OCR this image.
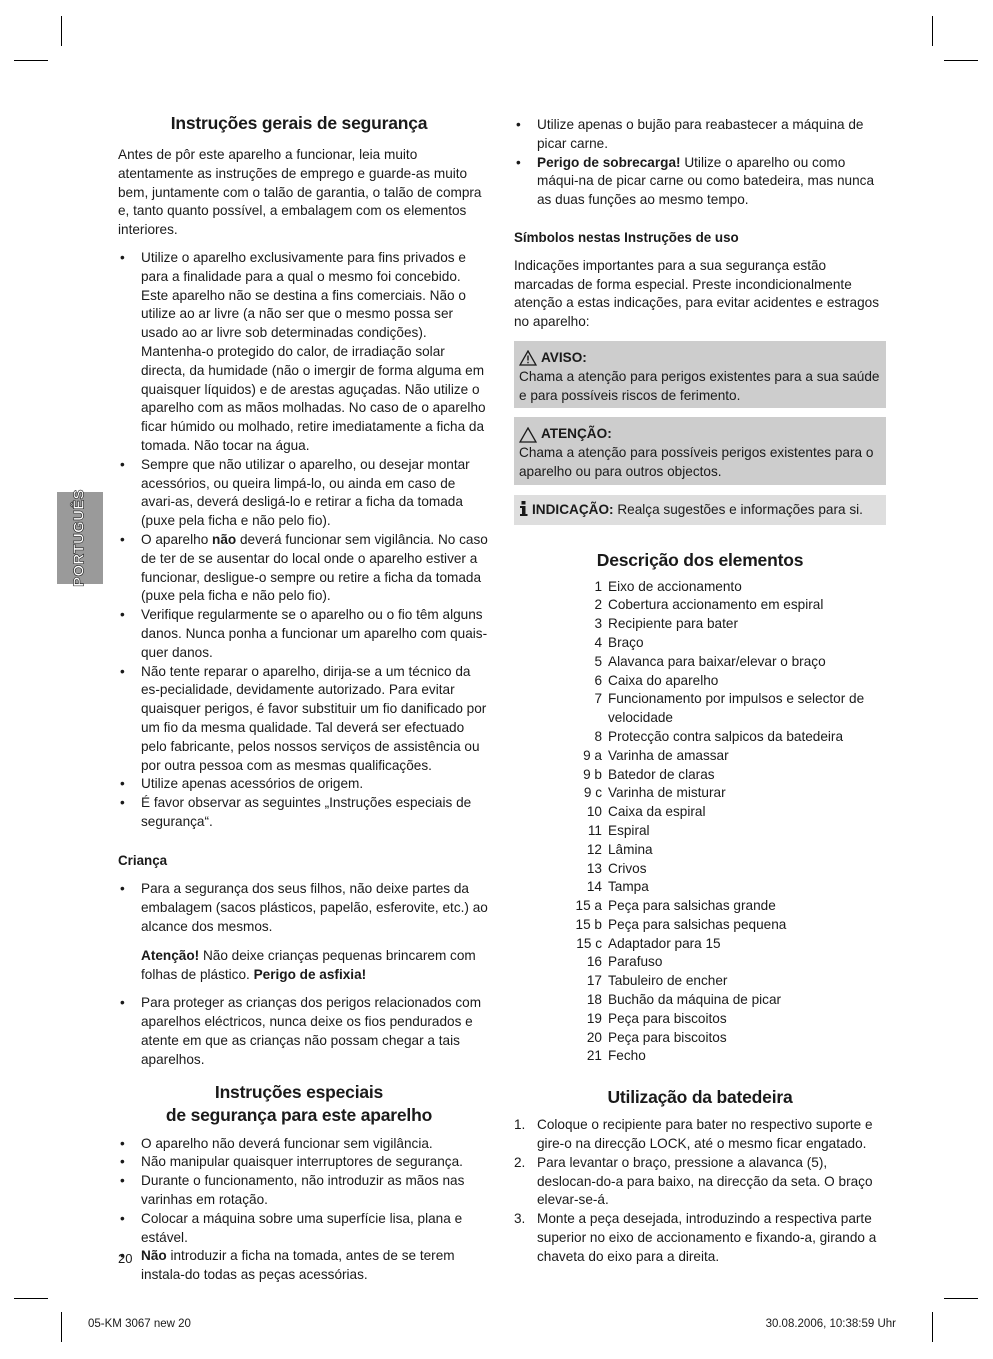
PORTUGUÊS
Instruções gerais de segurança

Antes de pôr este aparelho a funcionar, leia muito atentamente as instruções de emprego e guarde-as muito bem, juntamente com o talão de garantia, o talão de compra e, tanto quanto possível, a embalagem com os elementos interiores.

• Utilize o aparelho exclusivamente para fins privados e para a finalidade para a qual o mesmo foi concebido. Este aparelho não se destina a fins comerciais. Não o utilize ao ar livre (a não ser que o mesmo possa ser usado ao ar livre sob determinadas condições). Mantenha-o protegido do calor, de irradiação solar directa, da humidade (não o imergir de forma alguma em quaisquer líquidos) e de arestas aguçadas. Não utilize o aparelho com as mãos molhadas. No caso de o aparelho ficar húmido ou molhado, retire imediatamente a ficha da tomada. Não tocar na água.
• Sempre que não utilizar o aparelho, ou desejar montar acessórios, ou queira limpá-lo, ou ainda em caso de avari-as, deverá desligá-lo e retirar a ficha da tomada (puxe pela ficha e não pelo fio).
• O aparelho não deverá funcionar sem vigilância. No caso de ter de se ausentar do local onde o aparelho estiver a funcionar, desligue-o sempre ou retire a ficha da tomada (puxe pela ficha e não pelo fio).
• Verifique regularmente se o aparelho ou o fio têm alguns danos. Nunca ponha a funcionar um aparelho com quais-quer danos.
• Não tente reparar o aparelho, dirija-se a um técnico da es-pecialidade, devidamente autorizado. Para evitar quaisquer perigos, é favor substituir um fio danificado por um fio da mesma qualidade. Tal deverá ser efectuado pelo fabricante, pelos nossos serviços de assistência ou por outra pessoa com as mesmas qualificações.
• Utilize apenas acessórios de origem.
• É favor observar as seguintes „Instruções especiais de segurança“.
Criança
• Para a segurança dos seus filhos, não deixe partes da embalagem (sacos plásticos, papelão, esferovite, etc.) ao alcance dos mesmos.
Atenção! Não deixe crianças pequenas brincarem com folhas de plástico. Perigo de asfixia!
• Para proteger as crianças dos perigos relacionados com aparelhos eléctricos, nunca deixe os fios pendurados e atente em que as crianças não possam chegar a tais aparelhos.
Instruções especiais
de segurança para este aparelho
• O aparelho não deverá funcionar sem vigilância.
• Não manipular quaisquer interruptores de segurança.
• Durante o funcionamento, não introduzir as mãos nas varinhas em rotação.
• Colocar a máquina sobre uma superfície lisa, plana e estável.
• Não introduzir a ficha na tomada, antes de se terem instala-do todas as peças acessórias.
• Utilize apenas o bujão para reabastecer a máquina de picar carne.
• Perigo de sobrecarga! Utilize o aparelho ou como máqui-na de picar carne ou como batedeira, mas nunca as duas funções ao mesmo tempo.
Símbolos nestas Instruções de uso

Indicações importantes para a sua segurança estão marcadas de forma especial. Preste incondicionalmente atenção a estas indicações, para evitar acidentes e estragos no aparelho:

AVISO:

Chama a atenção para perigos existentes para a sua saúde e para possíveis riscos de ferimento.

ATENÇÃO:

Chama a atenção para possíveis perigos existentes para o aparelho ou para outros objectos.

INDICAÇÃO: Realça sugestões e informações para si.
Descrição dos elementos
1 Eixo de accionamento
2 Cobertura accionamento em espiral
3 Recipiente para bater
4 Braço
5 Alavanca para baixar/elevar o braço
6 Caixa do aparelho
7 Funcionamento por impulsos e selector de velocidade
8 Protecção contra salpicos da batedeira
9 a Varinha de amassar
9 b Batedor de claras
9 c Varinha de misturar
10 Caixa da espiral
11 Espiral
12 Lâmina
13 Crivos
14 Tampa
15 a Peça para salsichas grande
15 b Peça para salsichas pequena
15 c Adaptador para 15
16 Parafuso
17 Tabuleiro de encher
18 Buchão da máquina de picar
19 Peça para biscoitos
20 Peça para biscoitos
21 Fecho
Utilização da batedeira
1. Coloque o recipiente para bater no respectivo suporte e gire-o na direcção LOCK, até o mesmo ficar engatado.
2. Para levantar o braço, pressione a alavanca (5), deslocan-do-a para baixo, na direcção da seta. O braço elevar-se-á.
3. Monte a peça desejada, introduzindo a respectiva parte superior no eixo de accionamento e fixando-a, girando a chaveta do eixo para a direita.
20
05-KM 3067 new 20	30.08.2006, 10:38:59 Uhr
